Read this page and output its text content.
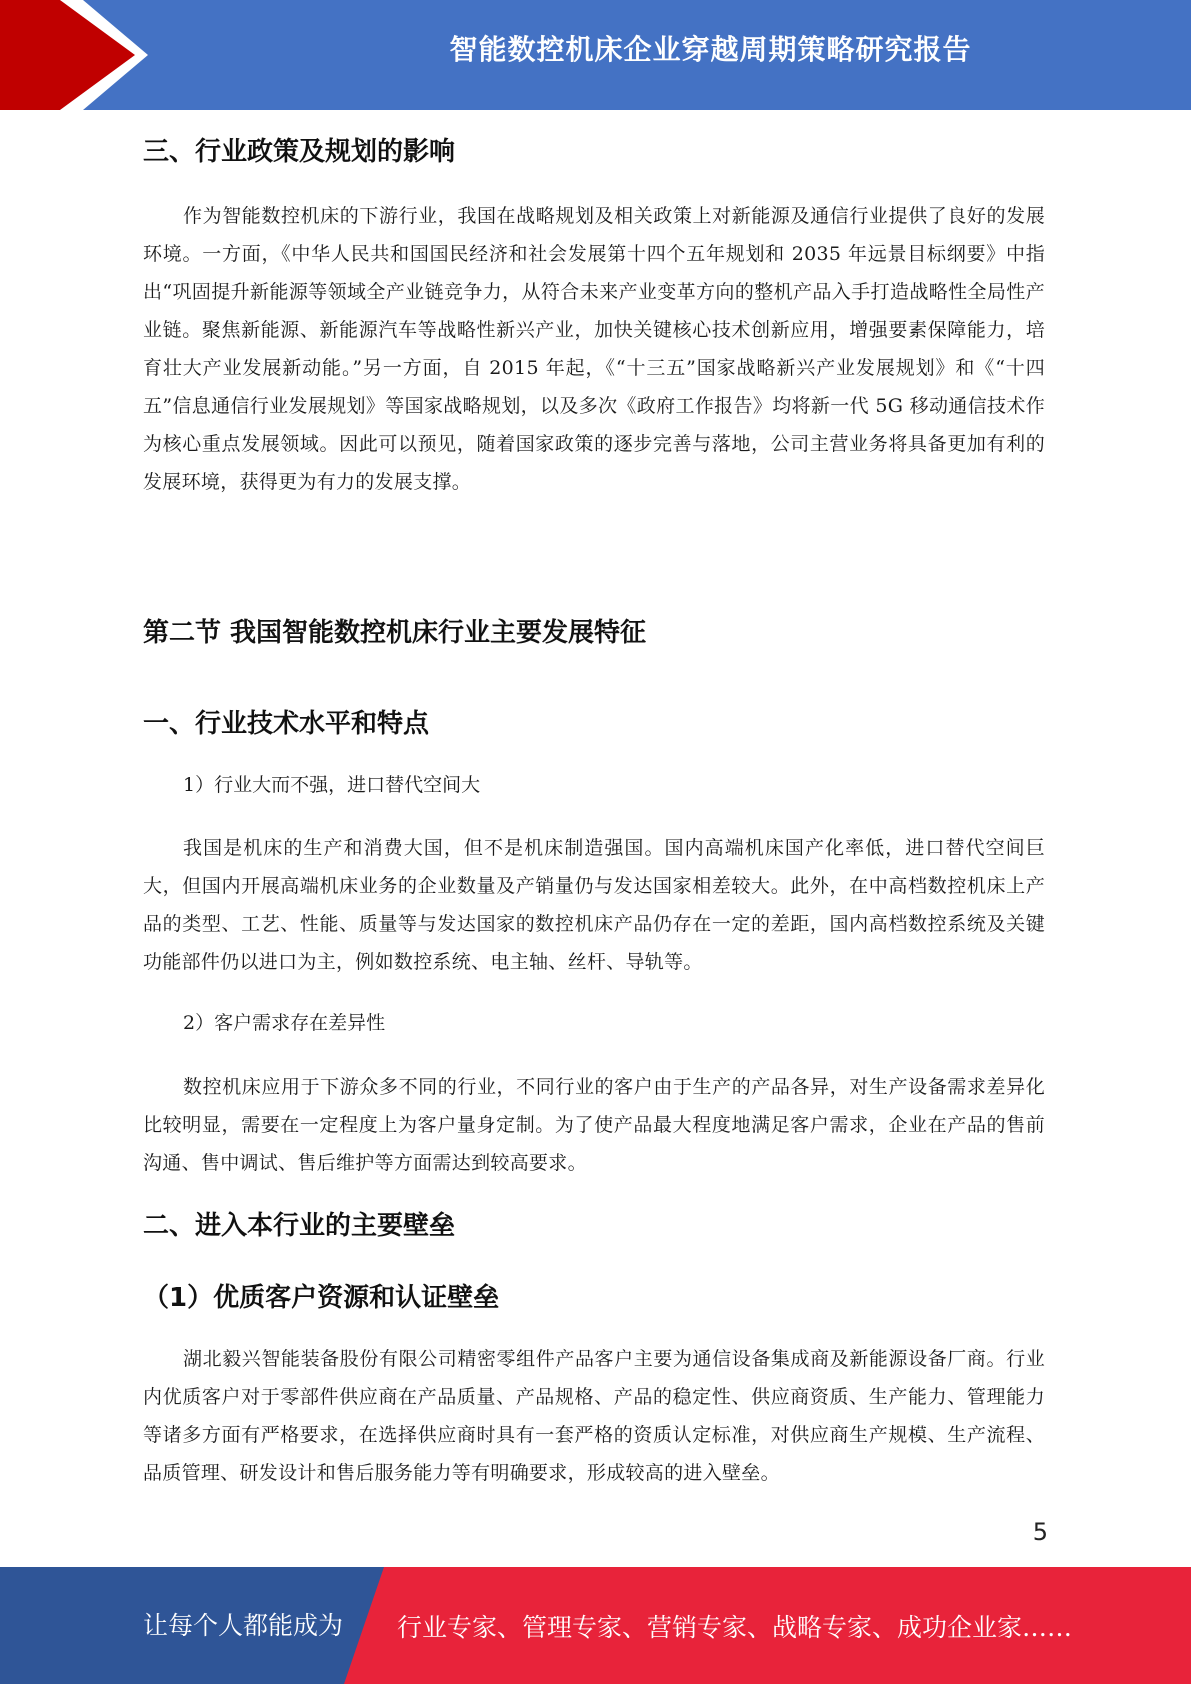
智能数控机床企业穿越周期策略研究报告
三、行业政策及规划的影响

作为智能数控机床的下游行业，我国在战略规划及相关政策上对新能源及通信行业提供了良好的发展环境。一方面，《中华人民共和国国民经济和社会发展第十四个五年规划和 2035 年远景目标纲要》中指出“巩固提升新能源等领域全产业链竞争力，从符合未来产业变革方向的整机产品入手打造战略性全局性产业链。聚焦新能源、新能源汽车等战略性新兴产业，加快关键核心技术创新应用，增强要素保障能力，培育壮大产业发展新动能。”另一方面，自 2015 年起，《“十三五”国家战略新兴产业发展规划》和《“十四五”信息通信行业发展规划》等国家战略规划，以及多次《政府工作报告》均将新一代 5G 移动通信技术作为核心重点发展领域。因此可以预见，随着国家政策的逐步完善与落地，公司主营业务将具备更加有利的发展环境，获得更为有力的发展支撑。

第二节 我国智能数控机床行业主要发展特征
一、行业技术水平和特点

1）行业大而不强，进口替代空间大

我国是机床的生产和消费大国，但不是机床制造强国。国内高端机床国产化率低，进口替代空间巨大，但国内开展高端机床业务的企业数量及产销量仍与发达国家相差较大。此外，在中高档数控机床上产品的类型、工艺、性能、质量等与发达国家的数控机床产品仍存在一定的差距，国内高档数控系统及关键功能部件仍以进口为主，例如数控系统、电主轴、丝杆、导轨等。

2）客户需求存在差异性

数控机床应用于下游众多不同的行业，不同行业的客户由于生产的产品各异，对生产设备需求差异化比较明显，需要在一定程度上为客户量身定制。为了使产品最大程度地满足客户需求，企业在产品的售前沟通、售中调试、售后维护等方面需达到较高要求。

二、进入本行业的主要壁垒
（1）优质客户资源和认证壁垒

湖北毅兴智能装备股份有限公司精密零组件产品客户主要为通信设备集成商及新能源设备厂商。行业内优质客户对于零部件供应商在产品质量、产品规格、产品的稳定性、供应商资质、生产能力、管理能力等诸多方面有严格要求，在选择供应商时具有一套严格的资质认定标准，对供应商生产规模、生产流程、品质管理、研发设计和售后服务能力等有明确要求，形成较高的进入壁垒。

5
让每个人都能成为 行业专家、管理专家、营销专家、战略专家、成功企业家……
